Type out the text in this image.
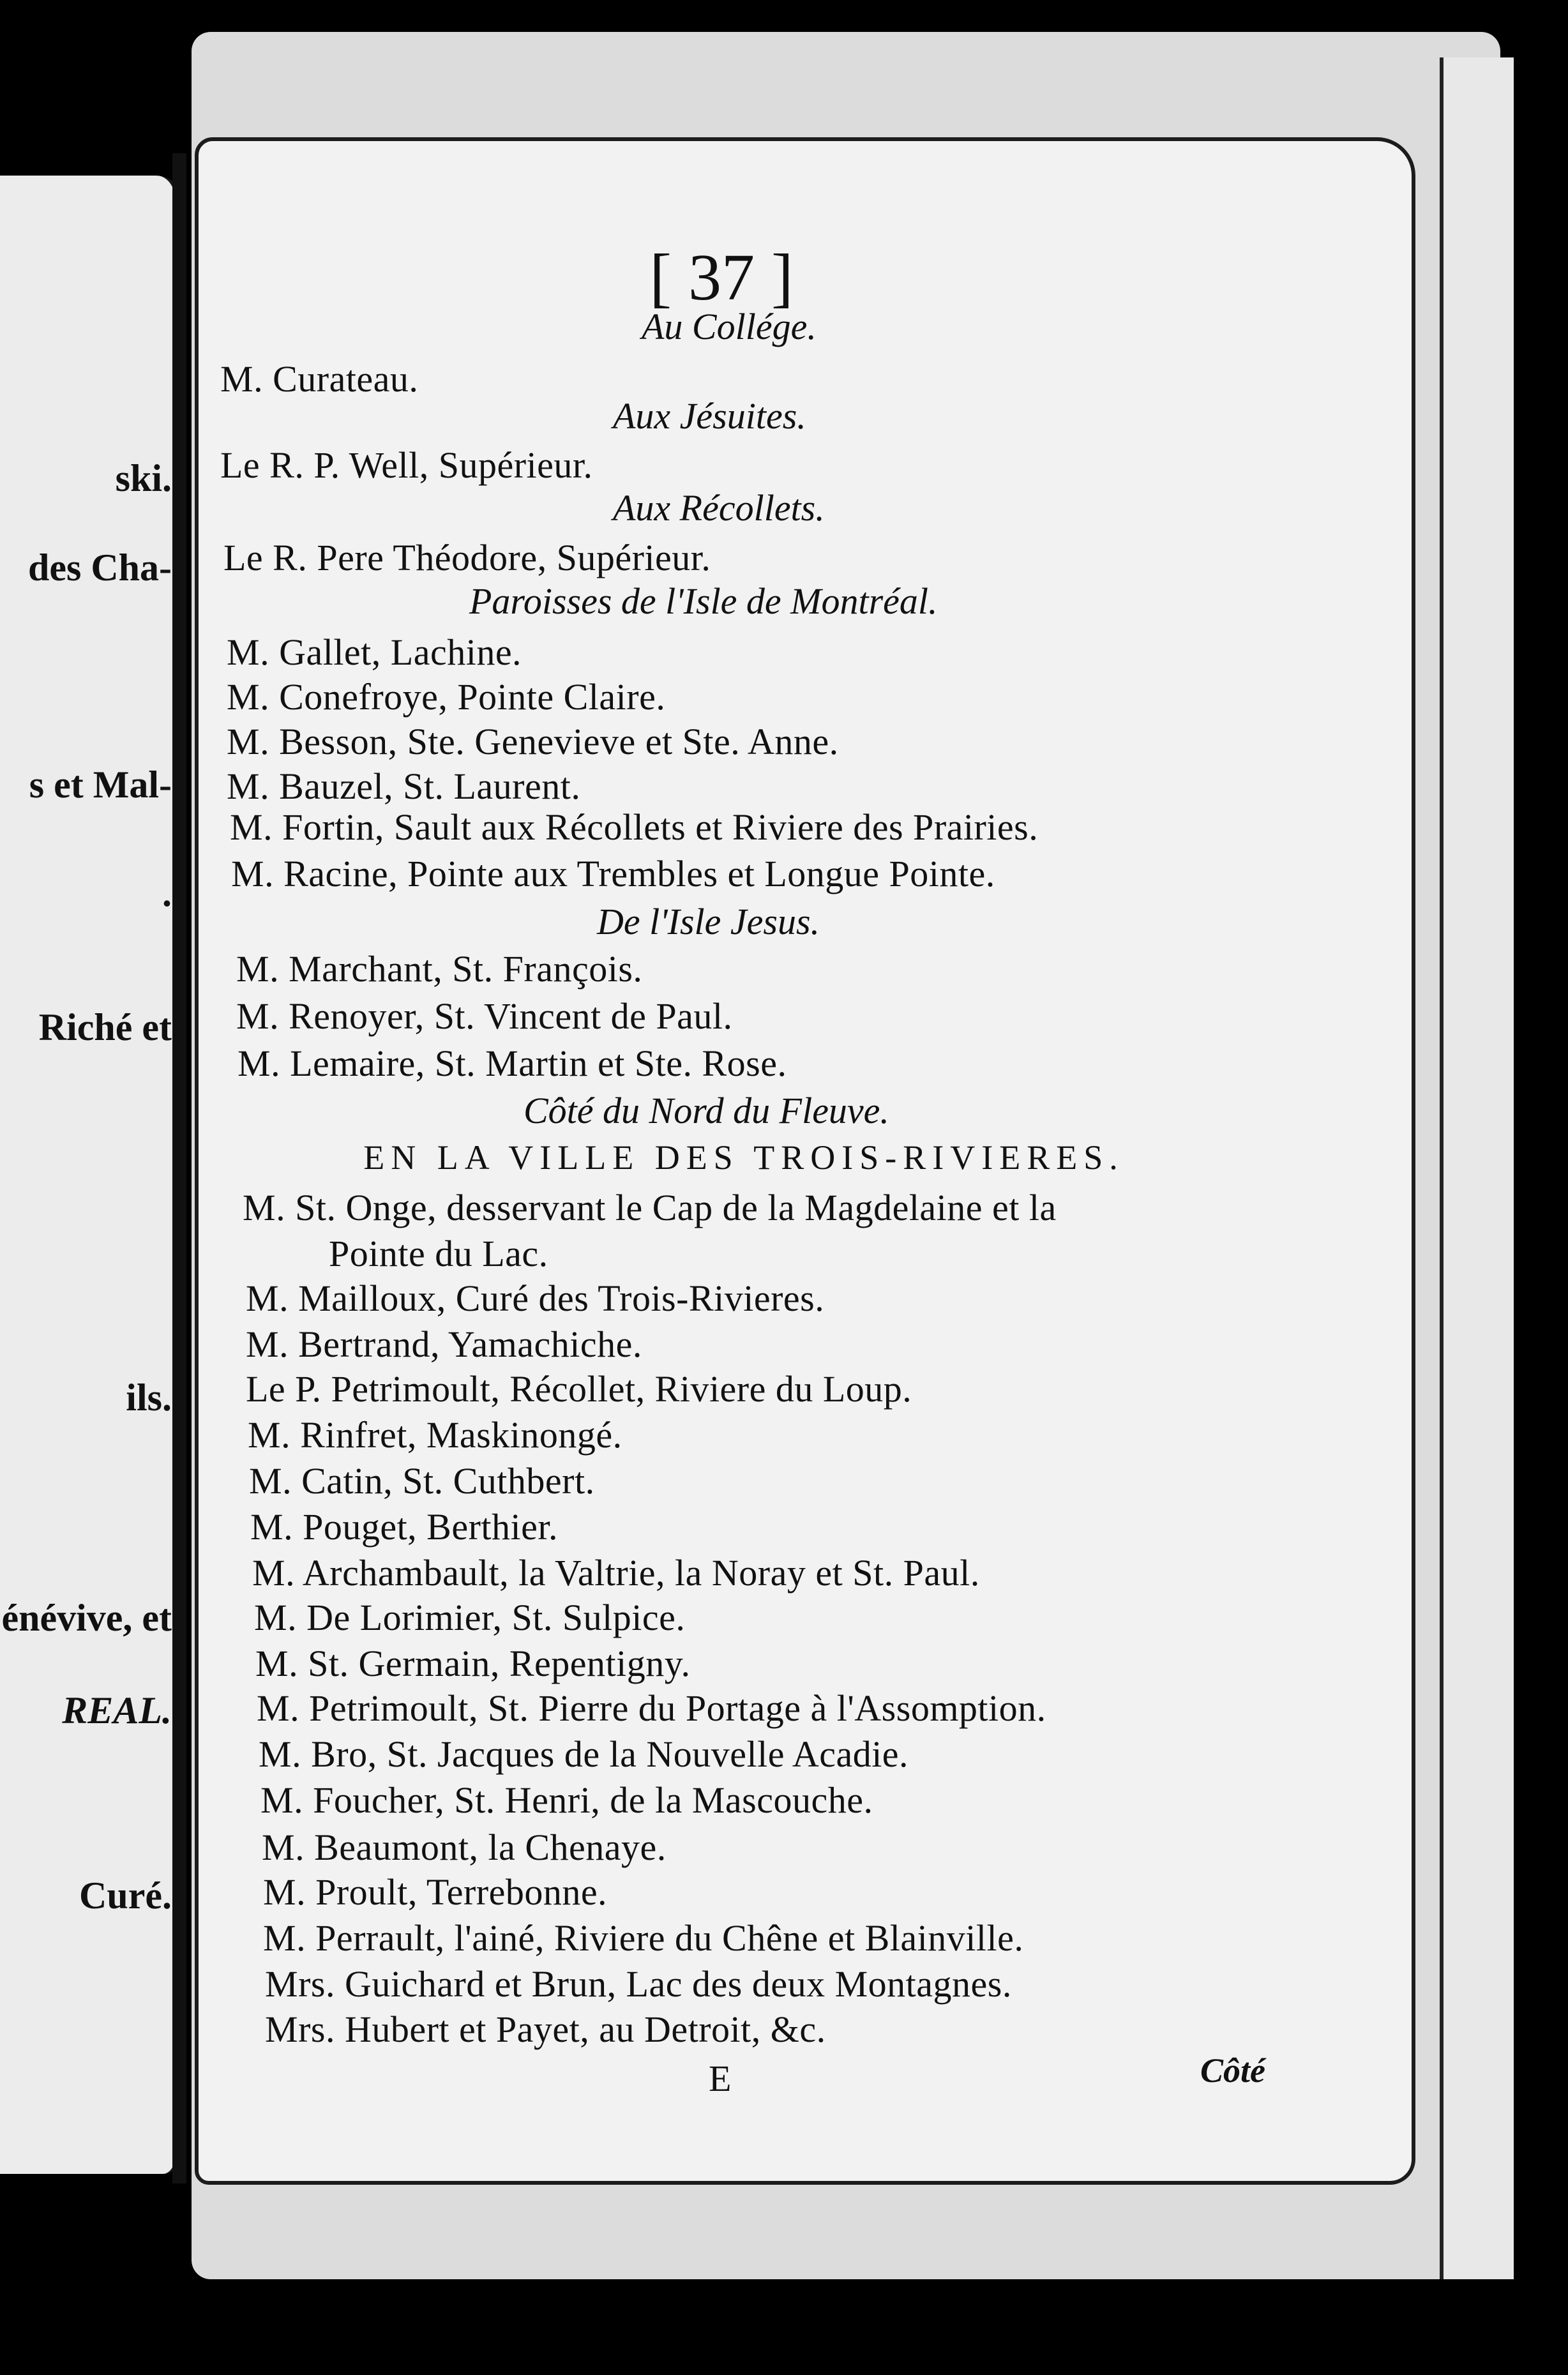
ski.
des Cha-
s et Mal-
.
Riché et
ils.
énévive, et
REAL.
Curé.
[ 37 ]
Au Collége.
M. Curateau.
Aux Jésuites.
Le R. P. Well, Supérieur.
Aux Récollets.
Le R. Pere Théodore, Supérieur.
Paroisses de l'Isle de Montréal.
M. Gallet, Lachine.
M. Conefroye, Pointe Claire.
M. Besson, Ste. Genevieve et Ste. Anne.
M. Bauzel, St. Laurent.
M. Fortin, Sault aux Récollets et Riviere des Prairies.
M. Racine, Pointe aux Trembles et Longue Pointe.
De l'Isle Jesus.
M. Marchant, St. François.
M. Renoyer, St. Vincent de Paul.
M. Lemaire, St. Martin et Ste. Rose.
Côté du Nord du Fleuve.
EN LA VILLE DES TROIS-RIVIERES.
M. St. Onge, desservant le Cap de la Magdelaine et la
Pointe du Lac.
M. Mailloux, Curé des Trois-Rivieres.
M. Bertrand, Yamachiche.
Le P. Petrimoult, Récollet, Riviere du Loup.
M. Rinfret, Maskinongé.
M. Catin, St. Cuthbert.
M. Pouget, Berthier.
M. Archambault, la Valtrie, la Noray et St. Paul.
M. De Lorimier, St. Sulpice.
M. St. Germain, Repentigny.
M. Petrimoult, St. Pierre du Portage à l'Assomption.
M. Bro, St. Jacques de la Nouvelle Acadie.
M. Foucher, St. Henri, de la Mascouche.
M. Beaumont, la Chenaye.
M. Proult, Terrebonne.
M. Perrault, l'ainé, Riviere du Chêne et Blainville.
Mrs. Guichard et Brun, Lac des deux Montagnes.
Mrs. Hubert et Payet, au Detroit, &c.
E	Côté
